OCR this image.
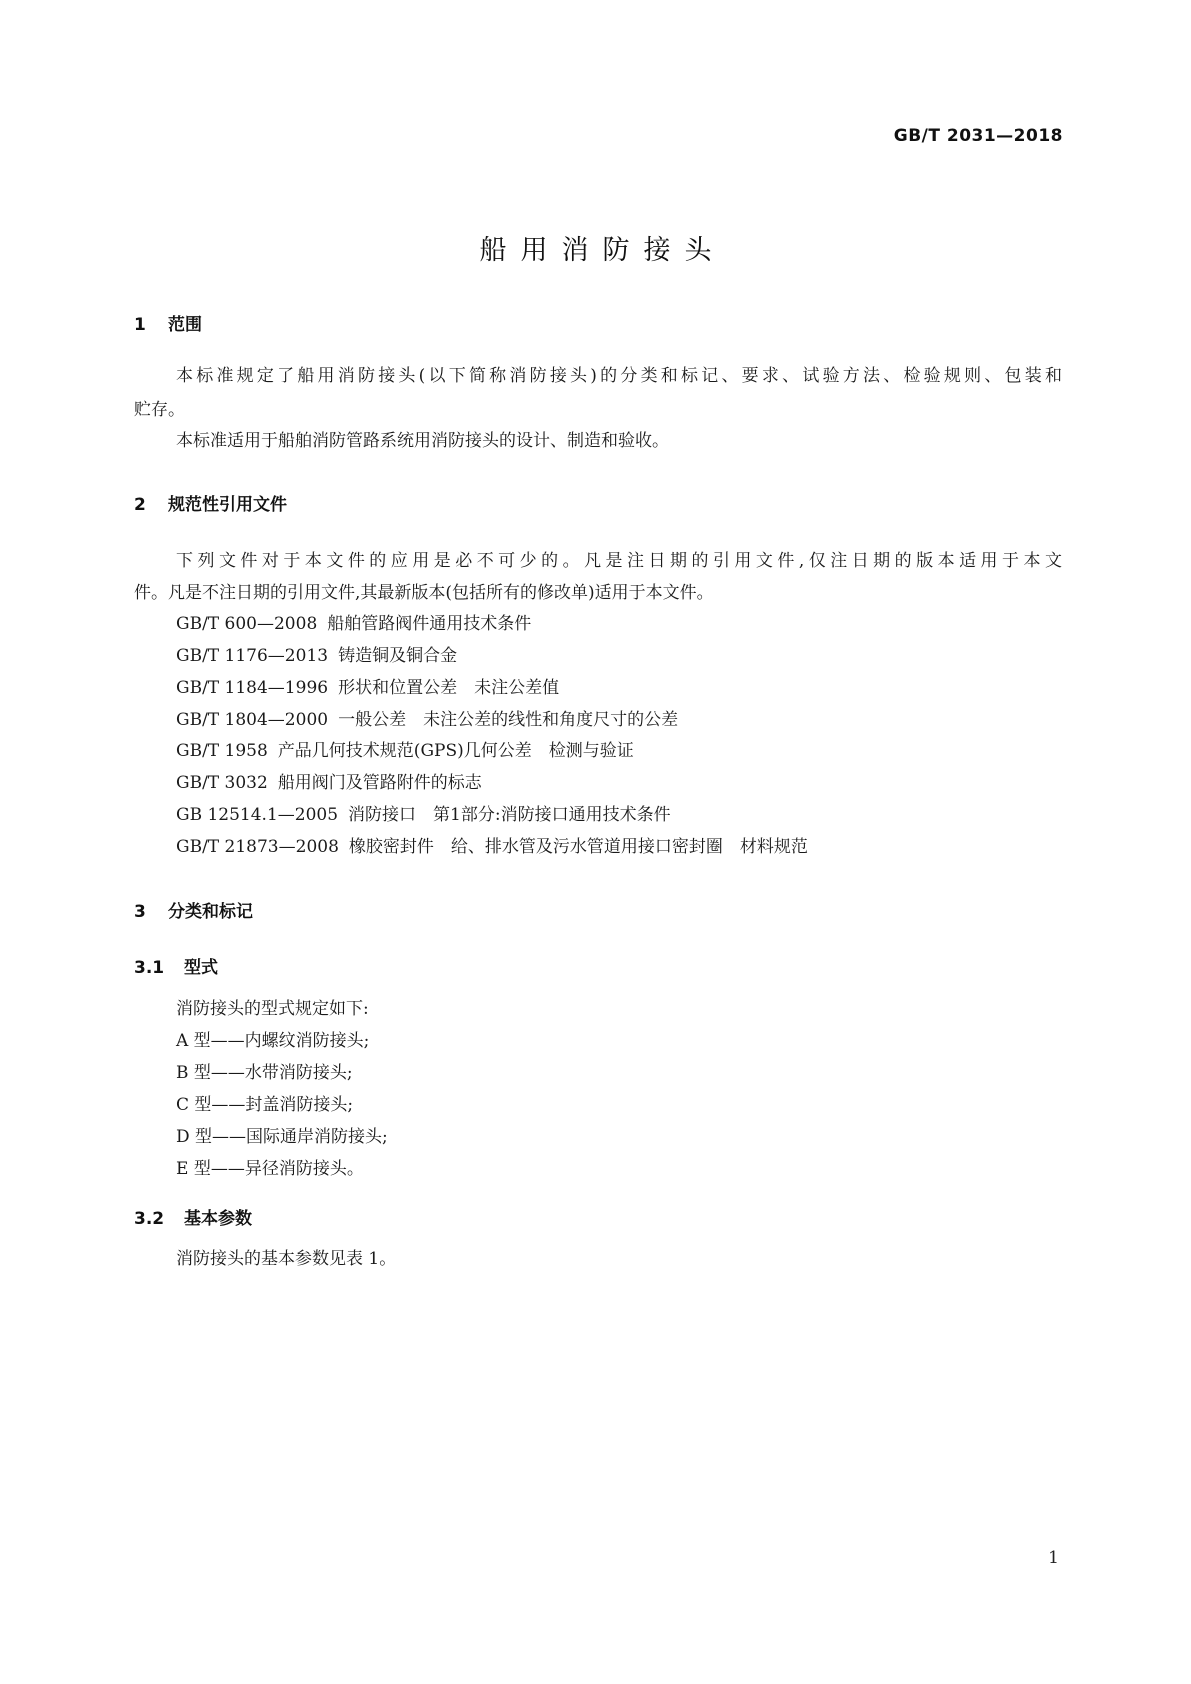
GB/T 2031—2018
船用消防接头
1 范围
本标准规定了船用消防接头(以下简称消防接头)的分类和标记、要求、试验方法、检验规则、包装和
贮存。
本标准适用于船舶消防管路系统用消防接头的设计、制造和验收。
2 规范性引用文件
下列文件对于本文件的应用是必不可少的。凡是注日期的引用文件,仅注日期的版本适用于本文
件。凡是不注日期的引用文件,其最新版本(包括所有的修改单)适用于本文件。
GB/T 600—2008 船舶管路阀件通用技术条件
GB/T 1176—2013 铸造铜及铜合金
GB/T 1184—1996 形状和位置公差　未注公差值
GB/T 1804—2000 一般公差　未注公差的线性和角度尺寸的公差
GB/T 1958 产品几何技术规范(GPS)几何公差　检测与验证
GB/T 3032 船用阀门及管路附件的标志
GB 12514.1—2005 消防接口　第1部分:消防接口通用技术条件
GB/T 21873—2008 橡胶密封件　给、排水管及污水管道用接口密封圈　材料规范
3 分类和标记
3.1 型式
消防接头的型式规定如下:
A 型——内螺纹消防接头;
B 型——水带消防接头;
C 型——封盖消防接头;
D 型——国际通岸消防接头;
E 型——异径消防接头。
3.2 基本参数
消防接头的基本参数见表 1。
1
